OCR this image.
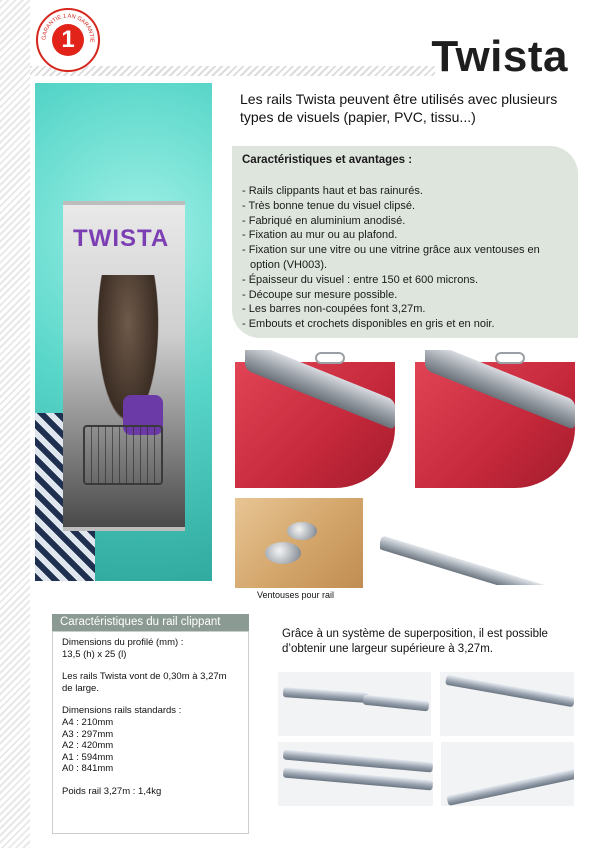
GARANTIE 1 AN GARANTIE
1	Twista
TWISTA
Les rails Twista peuvent être utilisés avec plusieurs types de visuels (papier, PVC, tissu...)
Caractéristiques et avantages :
- Rails clippants haut et bas rainurés.
- Très bonne tenue du visuel clipsé.
- Fabriqué en aluminium anodisé.
- Fixation au mur ou au plafond.
- Fixation sur une vitre ou une vitrine grâce aux ventouses en
option (VH003).
- Épaisseur du visuel : entre 150 et 600 microns.
- Découpe sur mesure possible.
- Les barres non-coupées font 3,27m.
- Embouts et crochets disponibles en gris et en noir.
Ventouses pour rail
Caractéristiques du rail clippant
Dimensions du profilé (mm) :
13,5 (h) x 25 (l)
Les rails Twista vont de 0,30m à 3,27m
de large.
Dimensions rails standards :
A4 : 210mm
A3 : 297mm
A2 : 420mm
A1 : 594mm
A0 : 841mm
Poids rail 3,27m : 1,4kg
Grâce à un système de superposition, il est possible
d’obtenir une largeur supérieure à 3,27m.
